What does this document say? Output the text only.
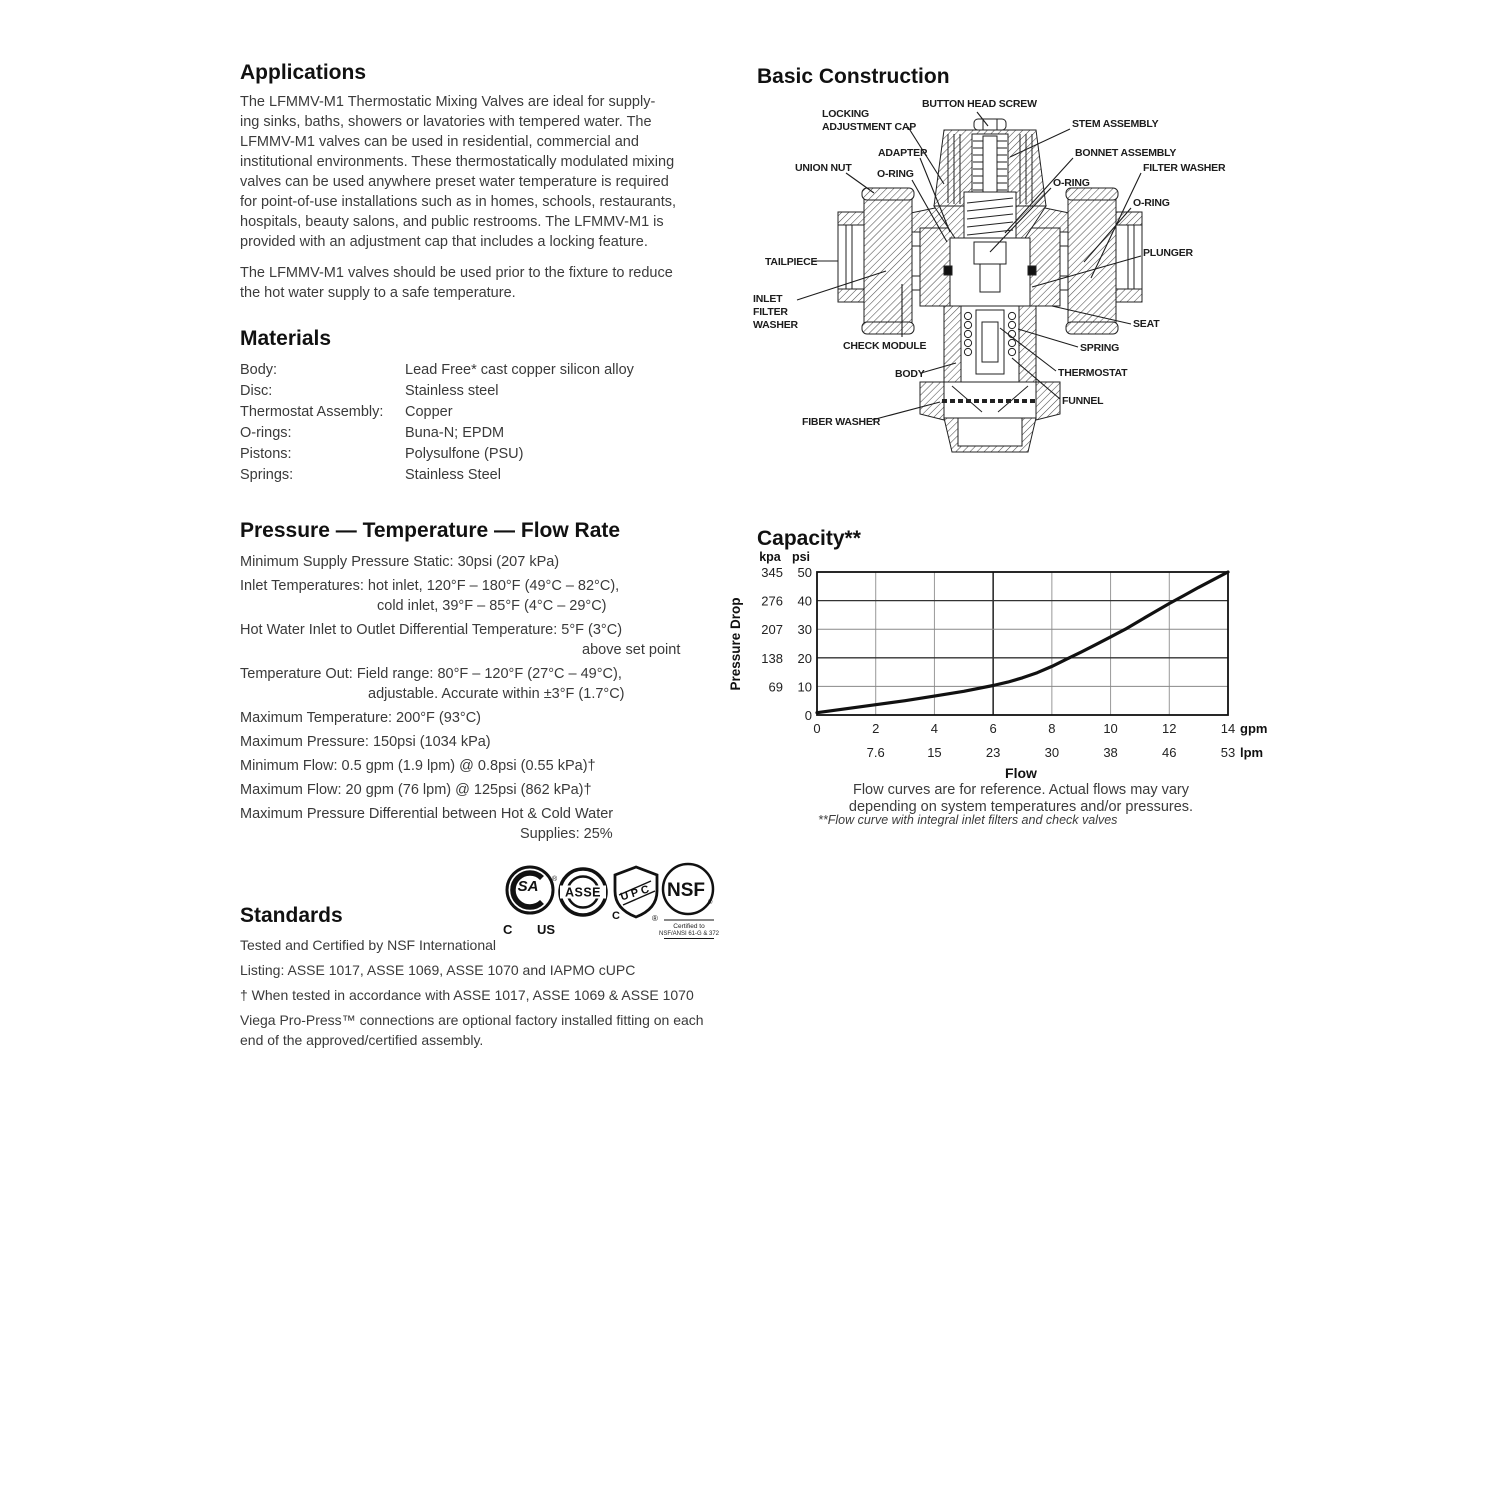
Applications
The LFMMV-M1 Thermostatic Mixing Valves are ideal for supply-
ing sinks, baths, showers or lavatories with tempered water. The
LFMMV-M1 valves can be used in residential, commercial and
institutional environments. These thermostatically modulated mixing
valves can be used anywhere preset water temperature is required
for point-of-use installations such as in homes, schools, restaurants,
hospitals, beauty salons, and public restrooms. The LFMMV-M1 is
provided with an adjustment cap that includes a locking feature.
The LFMMV-M1 valves should be used prior to the fixture to reduce
the hot water supply to a safe temperature.
Materials
Body:	Lead Free* cast copper silicon alloy
Disc:	Stainless steel
Thermostat Assembly: Copper
O-rings:	Buna-N; EPDM
Pistons:	Polysulfone (PSU)
Springs:	Stainless Steel
Pressure — Temperature — Flow Rate
Minimum Supply Pressure Static: 30psi (207 kPa)
Inlet Temperatures: hot inlet, 120°F – 180°F (49°C – 82°C),
cold inlet, 39°F – 85°F (4°C – 29°C)
Hot Water Inlet to Outlet Differential Temperature: 5°F (3°C)
above set point
Temperature Out: Field range: 80°F – 120°F (27°C – 49°C),
adjustable. Accurate within ±3°F (1.7°C)
Maximum Temperature: 200°F (93°C)
Maximum Pressure: 150psi (1034 kPa)
Minimum Flow: 0.5 gpm (1.9 lpm) @ 0.8psi (0.55 kPa)†
Maximum Flow: 20 gpm (76 lpm) @ 125psi (862 kPa)†
Maximum Pressure Differential between Hot & Cold Water
Supplies: 25%
Standards
Tested and Certified by NSF International
Listing: ASSE 1017, ASSE 1069, ASSE 1070 and IAPMO cUPC
† When tested in accordance with ASSE 1017, ASSE 1069 & ASSE 1070
Viega Pro-Press™ connections are optional factory installed fitting on each
end of the approved/certified assembly.
SA ®
C US
ASSE UPC
C	®
NSF
®
Certified to
NSF/ANSI 61-G & 372
Basic Construction
BUTTON HEAD SCREW
LOCKING ADJUSTMENT CAP	STEM ASSEMBLY
ADAPTER	BONNET ASSEMBLY
UNION NUT O-RING
O-RING
FILTER WASHER
O-RING
TAILPIECE
PLUNGER
INLET FILTER WASHER	SEAT
CHECK MODULE	SPRING
BODY	THERMOSTAT
FUNNEL
FIBER WASHER
Capacity**
0	2	4	6	8	10	12	14 gpm
7.6	15	23	30	38	46	53 lpm
kpa psi
345
276
207
138
69
50
40
30
20
10
0
Pressure Drop
Flow
Flow curves are for reference. Actual flows may vary
depending on system temperatures and/or pressures.
**Flow curve with integral inlet filters and check valves
